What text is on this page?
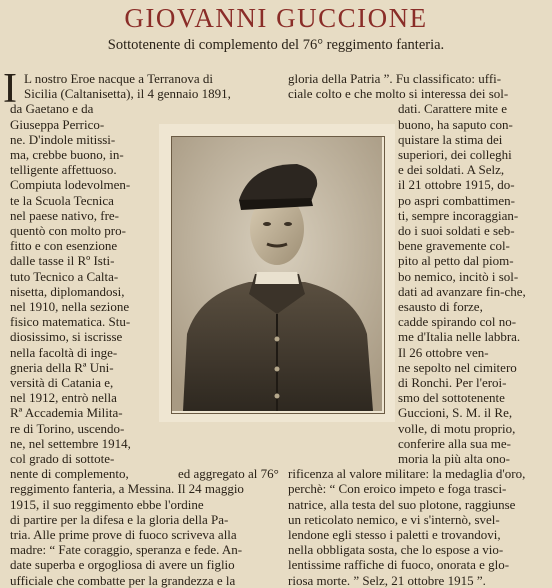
GIOVANNI GUCCIONE
Sottotenente di complemento del 76° reggimento fanteria.
I L nostro Eroe nacque a Terranova di
Sicilia (Caltanisetta), il 4 gennaio 1891,
da Gaetano e da
Giuseppa Perrico-
ne. D'indole mitissi-
ma, crebbe buono, in-
telligente affettuoso.
Compiuta lodevolmen-
te la Scuola Tecnica
nel paese nativo, fre-
quentò con molto pro-
fitto e con esenzione
dalle tasse il Rº Isti-
tuto Tecnico a Calta-
nisetta, diplomandosi,
nel 1910, nella sezione
fisico matematica. Stu-
diosissimo, si iscrisse
nella facoltà di inge-
gneria della Rª Uni-
versità di Catania e,
nel 1912, entrò nella
Rª Accademia Milita-
re di Torino, uscendo-
ne, nel settembre 1914,
col grado di sottote-
nente di complemento,
reggimento fanteria, a Messina. Il 24 maggio
1915, il suo reggimento ebbe l'ordine
di partire per la difesa e la gloria della Pa-
tria. Alle prime prove di fuoco scriveva alla
madre: “ Fate coraggio, speranza e fede. An-
date superba e orgogliosa di avere un figlio
ufficiale che combatte per la grandezza e la
gloria della Patria ”. Fu classificato: uffi-
ciale colto e che molto si interessa dei sol-
dati. Carattere mite e
buono, ha saputo con-
quistare la stima dei
superiori, dei colleghi
e dei soldati. A Selz,
il 21 ottobre 1915, do-
po aspri combattimen-
ti, sempre incoraggian-
do i suoi soldati e seb-
bene gravemente col-
pito al petto dal piom-
bo nemico, incitò i sol-
dati ad avanzare fin-che,
esausto di forze,
cadde spirando col no-
me d'Italia nelle labbra.
Il 26 ottobre ven-
ne sepolto nel cimitero
di Ronchi. Per l'eroi-
smo del sottotenente
Guccioni, S. M. il Re,
volle, di motu proprio,
conferire alla sua me-
moria la più alta ono-
rificenza al valore militare: la medaglia d'oro,
perchè: “ Con eroico impeto e foga trasci-
natrice, alla testa del suo plotone, raggiunse
un reticolato nemico, e vi s'internò, svel-
lendone egli stesso i paletti e trovandovi,
nella obbligata sosta, che lo espose a vio-
lentissime raffiche di fuoco, onorata e glo-
riosa morte. ” Selz, 21 ottobre 1915 ”.
ed aggregato al 76°
